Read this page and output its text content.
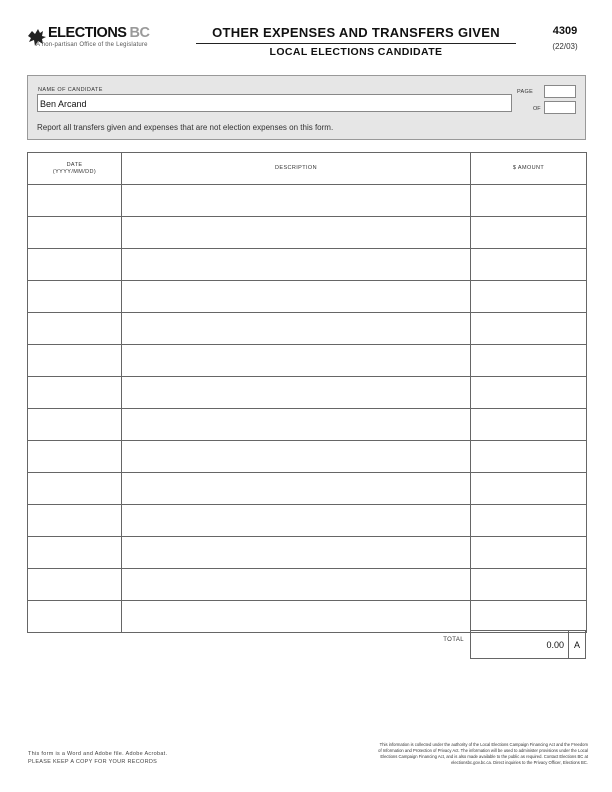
ELECTIONS BC
A non-partisan Office of the Legislature
OTHER EXPENSES AND TRANSFERS GIVEN
LOCAL ELECTIONS CANDIDATE
4309
(22/03)
NAME OF CANDIDATE
Ben Arcand
PAGE
OF
Report all transfers given and expenses that are not election expenses on this form.
DATE
(YYYY/MM/DD)	DESCRIPTION	$ AMOUNT

TOTAL	0.00	A
This form is a Word and Adobe file. Adobe Acrobat.
PLEASE KEEP A COPY FOR YOUR RECORDS
This information is collected under the authority of the Local Elections Campaign Financing Act and the Freedom
of Information and Protection of Privacy Act. The information will be used to administer provisions under the Local
Elections Campaign Financing Act, and is also made available to the public as required. Contact Elections BC at
electionsbc.gov.bc.ca. Direct inquiries to the Privacy Officer, Elections BC.
